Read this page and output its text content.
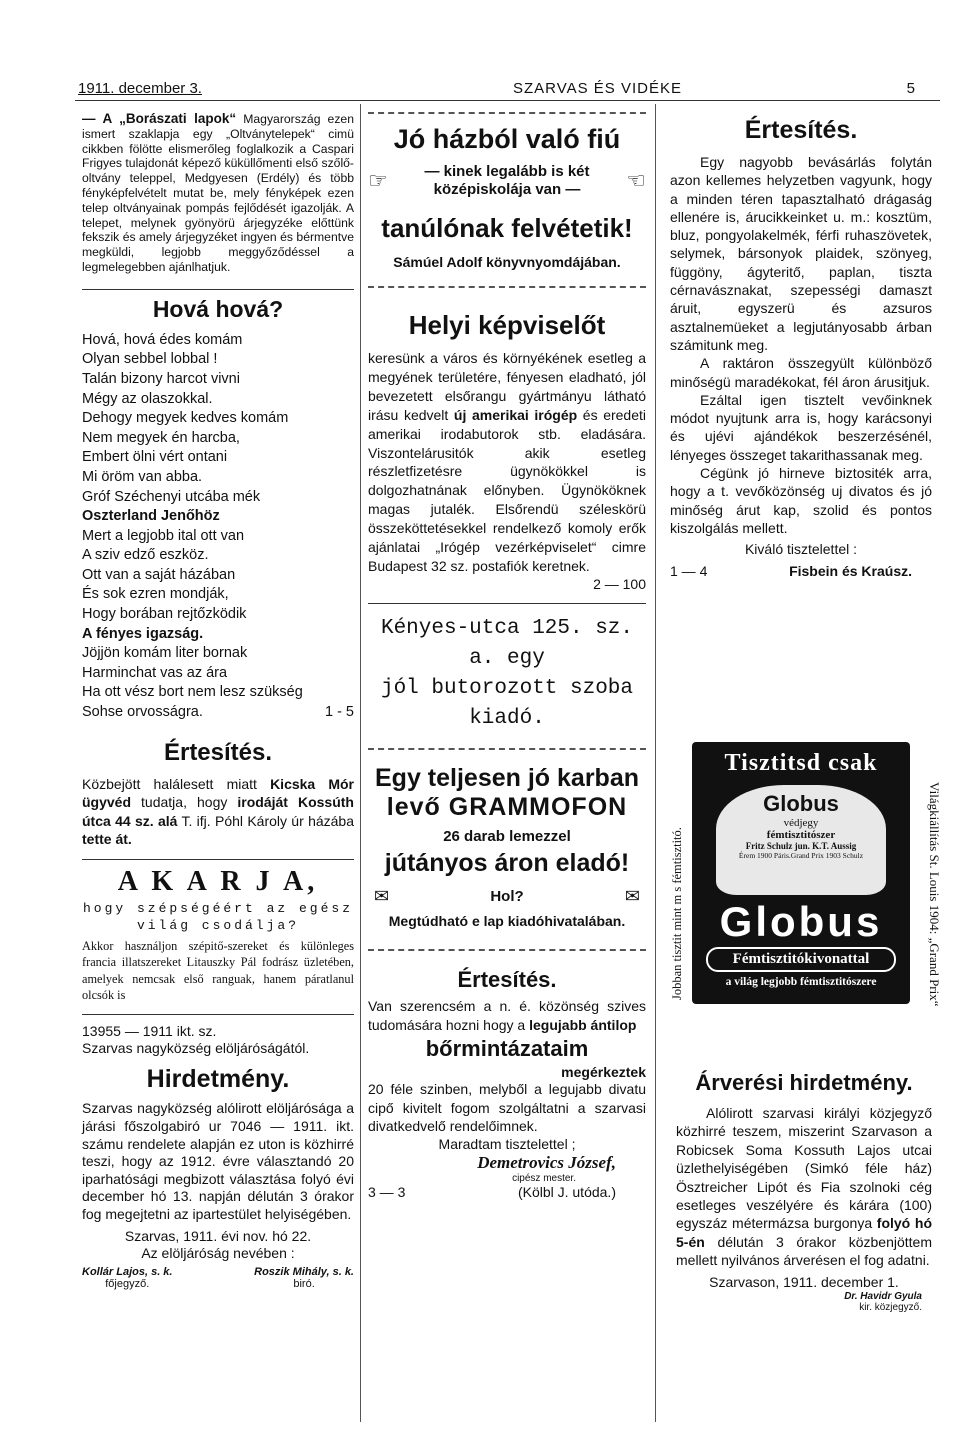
1911. december 3.	SZARVAS ÉS VIDÉKE	5

— A „Borászati lapok“ Magyarország ezen ismert szaklapja egy „Oltványtelepek“ cimü cikkben fölötte elismerőleg foglalkozik a Caspari Frigyes tulajdonát képező küküllőmenti első szőlő-oltvány teleppel, Medgyesen (Erdély) és több fényképfelvételt mutat be, mely fényképek ezen telep oltványainak pompás fejlődését igazolják. A telepet, melynek gyönyörü árjegyzéke előttünk fekszik és amely árjegyzéket ingyen és bérmentve megküldi, legjobb meggyőződéssel a legmelegebben ajánlhatjuk.

Hová hová?
Hová, hová édes komám
Olyan sebbel lobbal !
Talán bizony harcot vivni
Mégy az olaszokkal.
Dehogy megyek kedves komám
Nem megyek én harcba,
Embert ölni vért ontani
Mi öröm van abba.
Gróf Széchenyi utcába mék
Oszterland Jenőhöz
Mert a legjobb ital ott van
A sziv edző eszköz.
Ott van a saját házában
És sok ezren mondják,
Hogy borában rejtőzködik
A fényes igazság.
Jöjjön komám liter bornak
Harminchat vas az ára
Ha ott vész bort nem lesz szükség
Sohse orvosságra.	1 - 5
Értesítés.

Közbejött halálesett miatt Kicska Mór ügyvéd tudatja, hogy irodáját Kossúth útca 44 sz. alá T. ifj. Póhl Károly úr házába tette át.

A K A R J A,
hogy szépségéért az egész világ csodálja?

Akkor használjon szépitő-szereket és különleges francia illatszereket Litauszky Pál fodrász üzletében, amelyek nemcsak első ranguak, hanem páratlanul olcsók is

13955 — 1911 ikt. sz.
Szarvas nagyközség elöljáróságától.
Hirdetmény.

Szarvas nagyközség alólirott elöljárósága a járási főszolgabiró ur 7046 — 1911. ikt. számu rendelete alapján ez uton is közhirré teszi, hogy az 1912. évre választandó 20 iparhatósági megbizott választása folyó évi december hó 13. napján délután 3 órakor fog megejtetni az ipartestület helyiségében.

Szarvas, 1911. évi nov. hó 22.
Az elöljáróság nevében :
Kollár Lajos, s. k.
főjegyző.
Roszik Mihály, s. k.
biró.
Jó házból való fiú
☞	— kinek legalább is két középiskolája van —	☜
tanúlónak felvétetik!
Sámúel Adolf könyvnyomdájában.
Helyi képviselőt

keresünk a város és környékének esetleg a megyének területére, fényesen eladható, jól bevezetett elsőrangu gyártmányu látható irásu kedvelt új amerikai irógép és eredeti amerikai irodabutorok stb. eladására. Viszontelárusitók akik esetleg részletfizetésre ügynökökkel is dolgozhatnának előnyben. Ügynököknek magas jutalék. Elsőrendü széleskörü összeköttetésekkel rendelkező komoly erők ajánlatai „Irógép vezérképviselet“ cimre Budapest 32 sz. postafiók keretnek.

2 — 100
Kényes-utca 125. sz. a. egy
jól butorozott szoba kiadó.
Egy teljesen jó karban
levő GRAMMOFON
26 darab lemezzel
jútányos áron eladó!
✉	Hol?	✉
Megtúdható e lap kiadóhivatalában.
Értesítés.

Van szerencsém a n. é. közönség szives tudomására hozni hogy a legujabb ántilop

bőrmintázataim
megérkeztek

20 féle szinben, melyből a legujabb divatu cipő kivitelt fogom szolgáltatni a szarvasi divatkedvelő rendelőimnek.

Maradtam tisztelettel ;
Demetrovics József,
cipész mester.
3 — 3	(Kölbl J. utóda.)
Értesítés.

Egy nagyobb bevásárlás folytán azon kellemes helyzetben vagyunk, hogy a minden téren tapasztalható drágaság ellenére is, árucikkeinket u. m.: kosztüm, bluz, pongyolakelmék, férfi ruhaszövetek, selymek, bársonyok plaidek, szönyeg, függöny, ágyteritő, paplan, tiszta cérnavásznakat, szepességi damaszt áruit, egyszerü és azsuros asztalnemüeket a legjutányosabb árban számitunk meg.

A raktáron összegyült különböző minőségü maradékokat, fél áron árusitjuk.

Ezáltal igen tisztelt vevőinknek módot nyujtunk arra is, hogy karácsonyi és ujévi ajándékok beszerzésénél, lényeges összeget takarithassanak meg.

Cégünk jó hirneve biztositék arra, hogy a t. vevőközönség uj divatos és jó minőség árut kap, szolid és pontos kiszolgálás mellett.

Kiváló tisztelettel :
1 — 4	Fisbein és Kraúsz.
Jobban tisztit mint m s fémtisztitó.
Tisztitsd csak
Globus
védjegy
fémtisztitószer
Fritz Schulz jun. K.T. Aussig
Érem 1900 Páris.Grand Prix 1903 Schulz
Globus
Fémtisztitókivonattal
a világ legjobb fémtisztitószere	Világkiállítás St. Louis 1904: „Grand Prix“
Árverési hirdetmény.

Alólirott szarvasi királyi közjegyző közhirré teszem, miszerint Szarvason a Robicsek Soma Kossuth Lajos utcai üzlethelyiségében (Simkó féle ház) Ösztreicher Lipót és Fia szolnoki cég esetleges veszélyére és kárára (100) egyszáz métermázsa burgonya folyó hó 5-én délután 3 órakor közbenjöttem mellett nyilvános árverésen el fog adatni.

Szarvason, 1911. december 1.
Dr. Havidr Gyula
kir. közjegyző.
